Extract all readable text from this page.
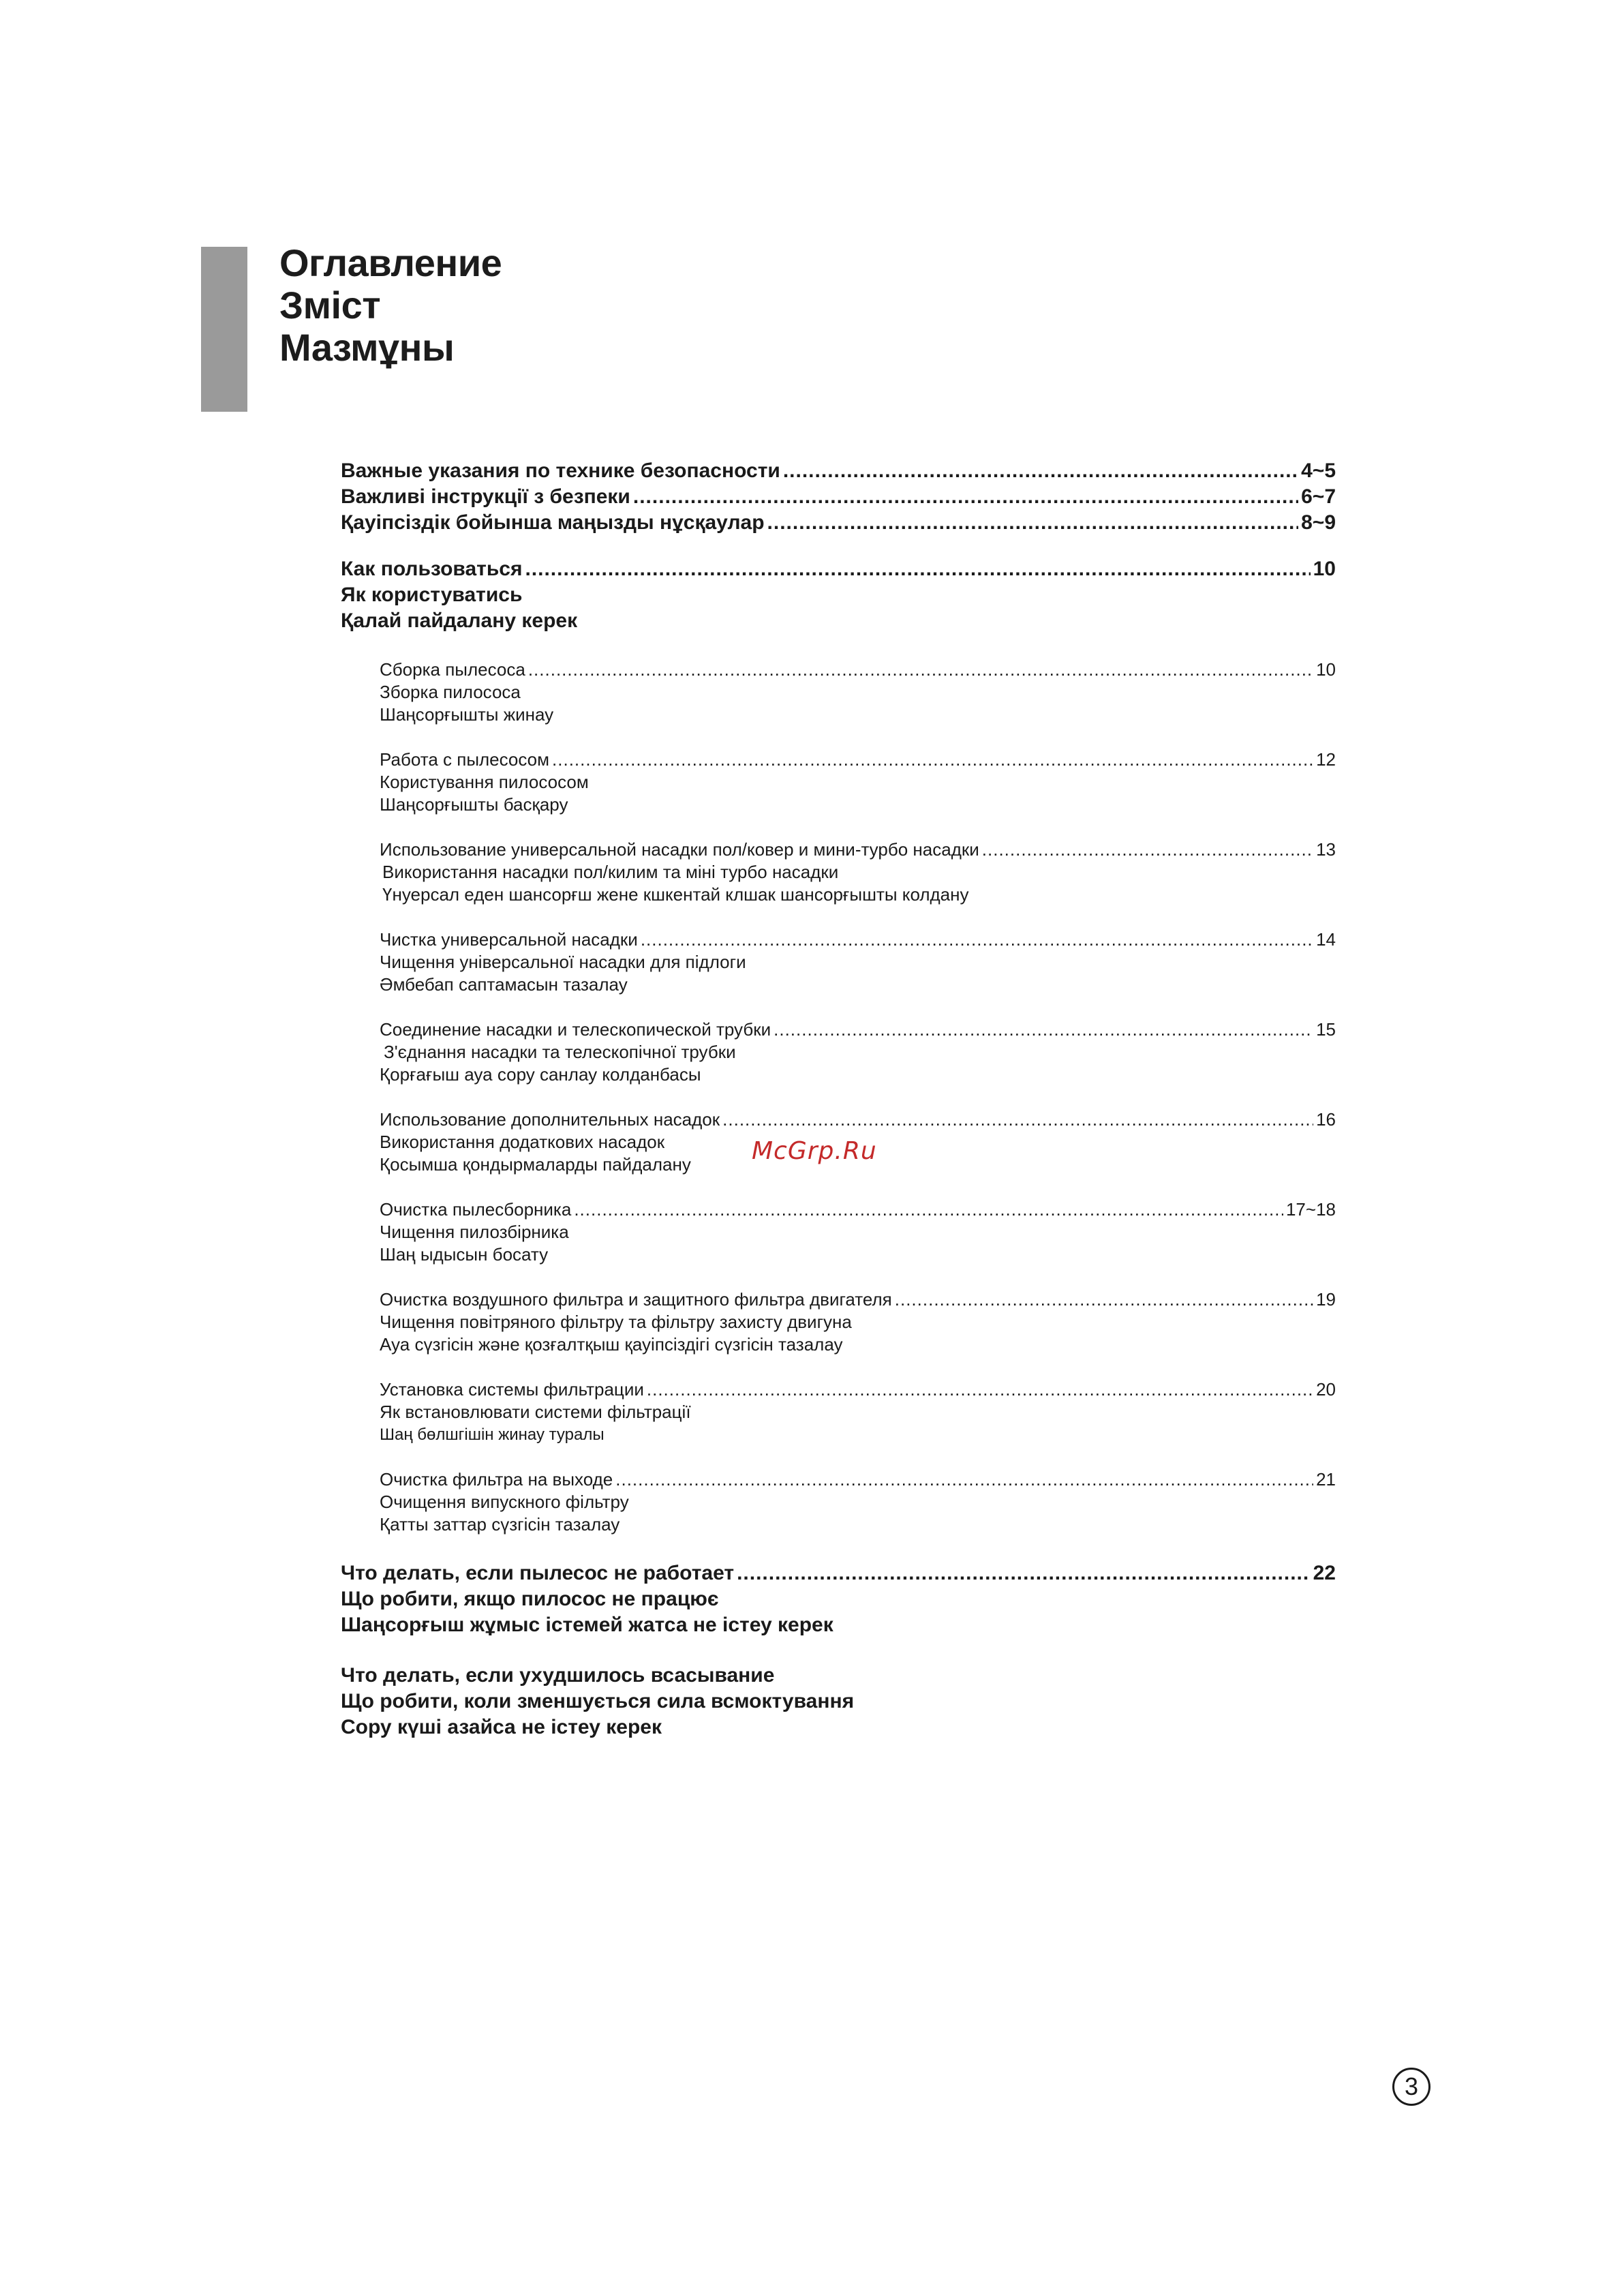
Оглавление
Зміст
Мазмұны
Важные указания по технике безопасности .....	4~5
Важливі інструкції з безпеки .....	6~7
Қауіпсіздік бойынша маңызды нұсқаулар .....	8~9
Как пользоваться .....	10
Як користуватись
Қалай пайдалану керек
Сборка пылесоса .....	10
Зборка пилососа
Шаңсорғышты жинау
Работа с пылесосом .....	12
Користування пилососом
Шаңсорғышты басқару
Использование универсальной насадки пол/ковер и мини-турбо насадки .....	13
Використання насадки пол/килим та міні турбо насадки
Үнуерсал еден шансорғш жене кшкентай клшак шансорғышты колдану
Чистка универсальной насадки .....	14
Чищення універсальної насадки для підлоги
Әмбебап саптамасын тазалау
Соединение насадки и телескопической трубки .....	15
З'єднання насадки та телескопічної трубки
Қорғағыш ауа сору санлау колданбасы
Использование дополнительных насадок .....	16
Використання додаткових насадок
Қосымша қондырмаларды пайдалану
Очистка пылесборника .....	17~18
Чищення пилозбірника
Шаң ыдысын босату
Очистка воздушного фильтра и защитного фильтра двигателя .....	19
Чищення повітряного фільтру та фільтру захисту двигуна
Ауа сүзгісін және қозғалтқыш қауіпсіздігі сүзгісін тазалау
Установка системы фильтрации .....	20
Як встановлювати системи фільтрації
Шаң бөлшгішін жинау туралы
Очистка фильтра на выходе .....	21
Очищення випускного фільтру
Қатты заттар сүзгісін тазалау
Что делать, если пылесос не работает .....	22
Що робити, якщо пилосос не працює
Шаңсорғыш жұмыс істемей жатса не істеу керек
Что делать, если ухудшилось всасывание
Що робити, коли зменшується сила всмоктування
Сору күші азайса не істеу керек
McGrp.Ru
3
